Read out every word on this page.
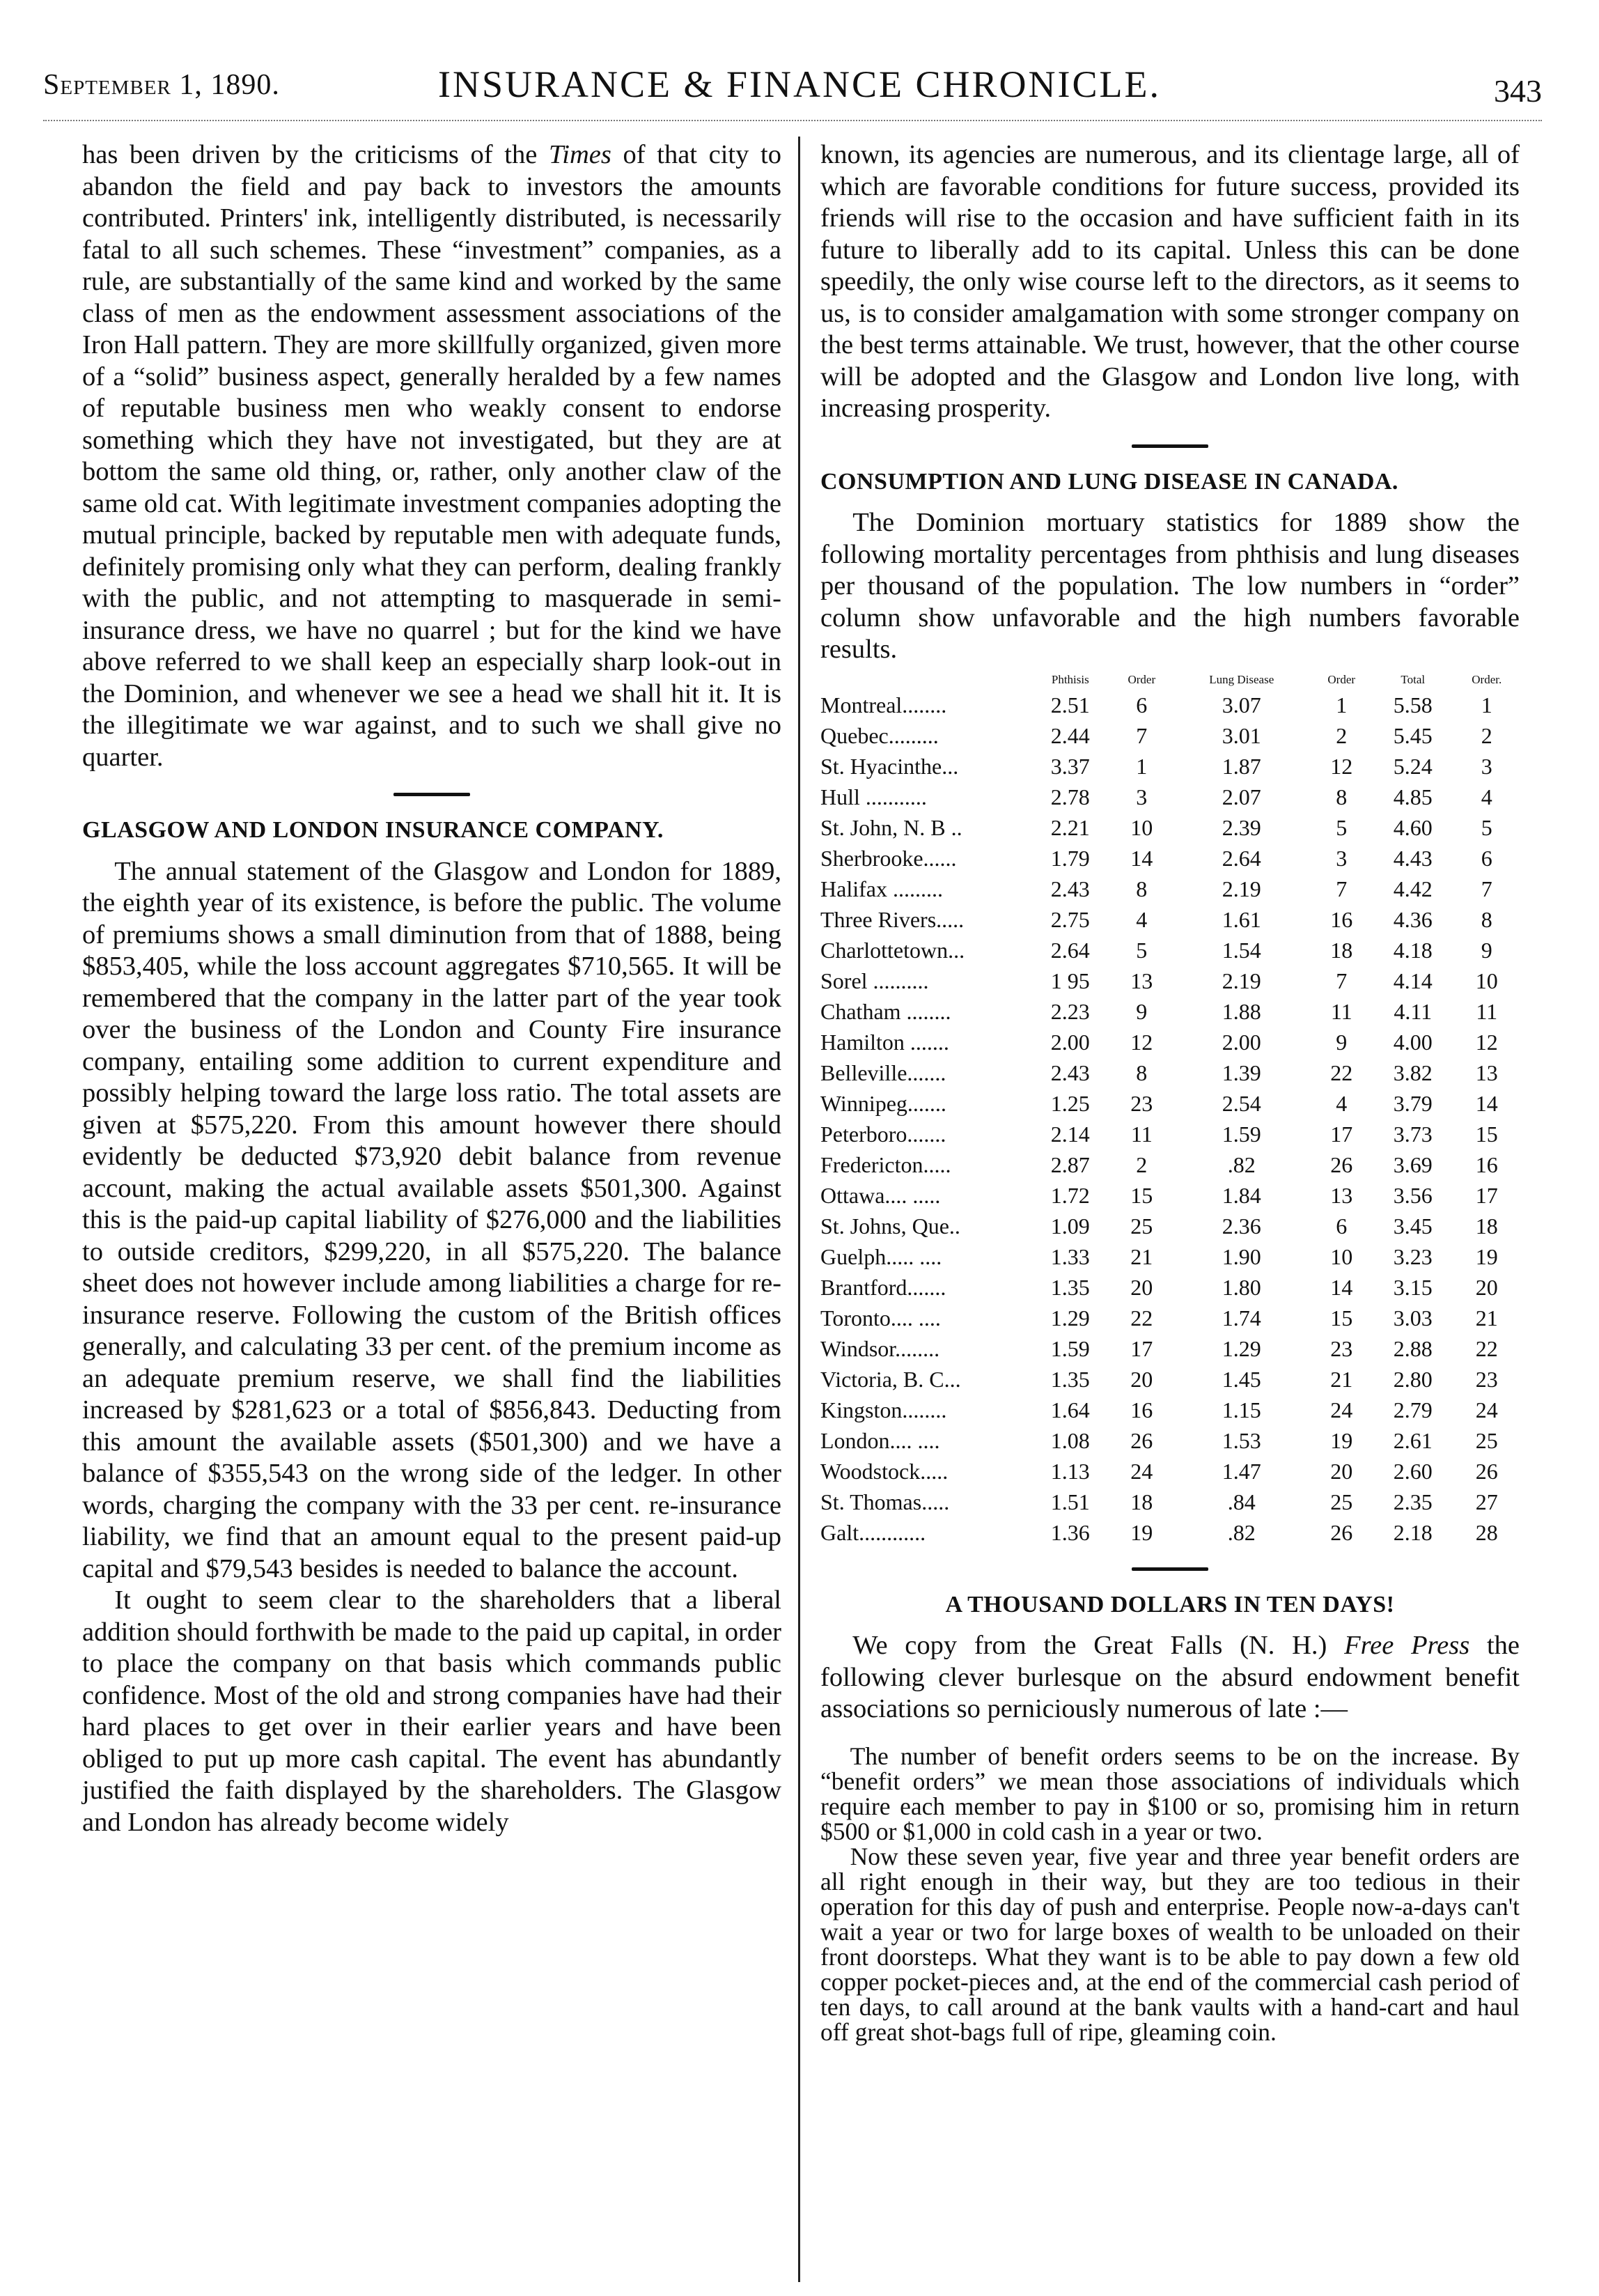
September 1, 1890.	INSURANCE & FINANCE CHRONICLE.	343

has been driven by the criticisms of the Times of that city to abandon the field and pay back to investors the amounts contributed. Printers' ink, intelligently distributed, is necessarily fatal to all such schemes. These “investment” companies, as a rule, are substantially of the same kind and worked by the same class of men as the endowment assessment associations of the Iron Hall pattern. They are more skillfully organized, given more of a “solid” business aspect, generally heralded by a few names of reputable business men who weakly consent to endorse something which they have not investigated, but they are at bottom the same old thing, or, rather, only another claw of the same old cat. With legitimate investment companies adopting the mutual principle, backed by reputable men with adequate funds, definitely promising only what they can perform, dealing frankly with the public, and not attempting to masquerade in semi-insurance dress, we have no quarrel ; but for the kind we have above referred to we shall keep an especially sharp look-out in the Dominion, and whenever we see a head we shall hit it. It is the illegitimate we war against, and to such we shall give no quarter.

GLASGOW AND LONDON INSURANCE COMPANY.

The annual statement of the Glasgow and London for 1889, the eighth year of its existence, is before the public. The volume of premiums shows a small diminution from that of 1888, being $853,405, while the loss account aggregates $710,565. It will be remembered that the company in the latter part of the year took over the business of the London and County Fire insurance company, entailing some addition to current expenditure and possibly helping toward the large loss ratio. The total assets are given at $575,220. From this amount however there should evidently be deducted $73,920 debit balance from revenue account, making the actual available assets $501,300. Against this is the paid-up capital liability of $276,000 and the liabilities to outside creditors, $299,220, in all $575,220. The balance sheet does not however include among liabilities a charge for re-insurance reserve. Following the custom of the British offices generally, and calculating 33 per cent. of the premium income as an adequate premium reserve, we shall find the liabilities increased by $281,623 or a total of $856,843. Deducting from this amount the available assets ($501,300) and we have a balance of $355,543 on the wrong side of the ledger. In other words, charging the company with the 33 per cent. re-insurance liability, we find that an amount equal to the present paid-up capital and $79,543 besides is needed to balance the account.

It ought to seem clear to the shareholders that a liberal addition should forthwith be made to the paid up capital, in order to place the company on that basis which commands public confidence. Most of the old and strong companies have had their hard places to get over in their earlier years and have been obliged to put up more cash capital. The event has abundantly justified the faith displayed by the shareholders. The Glasgow and London has already become widely

known, its agencies are numerous, and its clientage large, all of which are favorable conditions for future success, provided its friends will rise to the occasion and have sufficient faith in its future to liberally add to its capital. Unless this can be done speedily, the only wise course left to the directors, as it seems to us, is to consider amalgamation with some stronger company on the best terms attainable. We trust, however, that the other course will be adopted and the Glasgow and London live long, with increasing prosperity.

CONSUMPTION AND LUNG DISEASE IN CANADA.

The Dominion mortuary statistics for 1889 show the following mortality percentages from phthisis and lung diseases per thousand of the population. The low numbers in “order” column show unfavorable and the high numbers favorable results.

	Phthisis	Order	Lung Disease	Order	Total	Order.
Montreal........	2.51	6	3.07	1	5.58	1
Quebec.........	2.44	7	3.01	2	5.45	2
St. Hyacinthe...	3.37	1	1.87	12	5.24	3
Hull ...........	2.78	3	2.07	8	4.85	4
St. John, N. B ..	2.21	10	2.39	5	4.60	5
Sherbrooke......	1.79	14	2.64	3	4.43	6
Halifax .........	2.43	8	2.19	7	4.42	7
Three Rivers.....	2.75	4	1.61	16	4.36	8
Charlottetown...	2.64	5	1.54	18	4.18	9
Sorel ..........	1 95	13	2.19	7	4.14	10
Chatham ........	2.23	9	1.88	11	4.11	11
Hamilton .......	2.00	12	2.00	9	4.00	12
Belleville.......	2.43	8	1.39	22	3.82	13
Winnipeg.......	1.25	23	2.54	4	3.79	14
Peterboro.......	2.14	11	1.59	17	3.73	15
Fredericton.....	2.87	2	.82	26	3.69	16
Ottawa.... .....	1.72	15	1.84	13	3.56	17
St. Johns, Que..	1.09	25	2.36	6	3.45	18
Guelph..... ....	1.33	21	1.90	10	3.23	19
Brantford.......	1.35	20	1.80	14	3.15	20
Toronto.... ....	1.29	22	1.74	15	3.03	21
Windsor........	1.59	17	1.29	23	2.88	22
Victoria, B. C...	1.35	20	1.45	21	2.80	23
Kingston........	1.64	16	1.15	24	2.79	24
London.... ....	1.08	26	1.53	19	2.61	25
Woodstock.....	1.13	24	1.47	20	2.60	26
St. Thomas.....	1.51	18	.84	25	2.35	27
Galt............	1.36	19	.82	26	2.18	28
A THOUSAND DOLLARS IN TEN DAYS!

We copy from the Great Falls (N. H.) Free Press the following clever burlesque on the absurd endowment benefit associations so perniciously numerous of late :—

The number of benefit orders seems to be on the increase. By “benefit orders” we mean those associations of individuals which require each member to pay in $100 or so, promising him in return $500 or $1,000 in cold cash in a year or two.

Now these seven year, five year and three year benefit orders are all right enough in their way, but they are too tedious in their operation for this day of push and enterprise. People now-a-days can't wait a year or two for large boxes of wealth to be unloaded on their front doorsteps. What they want is to be able to pay down a few old copper pocket-pieces and, at the end of the commercial cash period of ten days, to call around at the bank vaults with a hand-cart and haul off great shot-bags full of ripe, gleaming coin.
